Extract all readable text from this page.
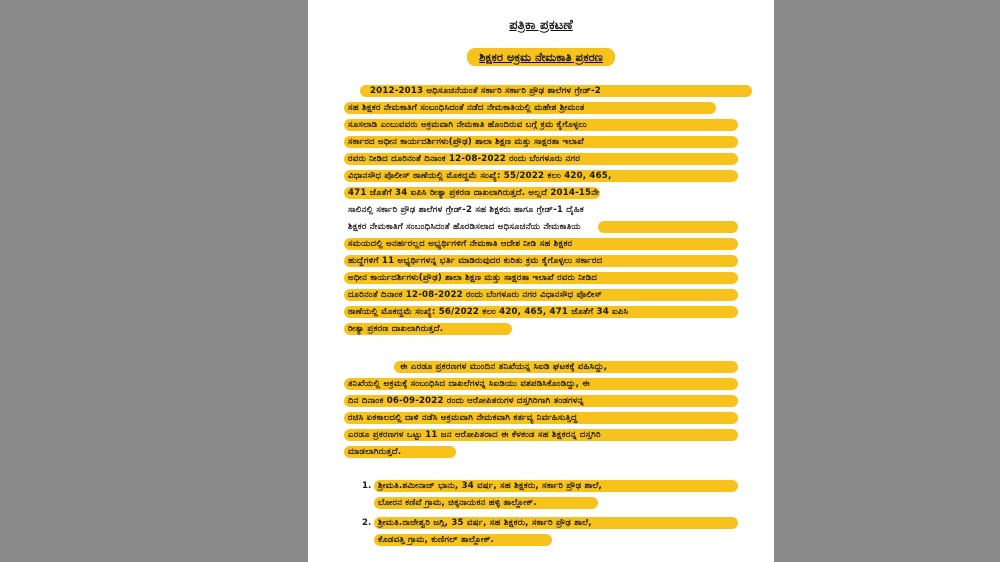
ಪತ್ರಿಕಾ ಪ್ರಕಟಣೆ
ಶಿಕ್ಷಕರ ಅಕ್ರಮ ನೇಮಕಾತಿ ಪ್ರಕರಣ
2012-2013 ಅಧಿಸೂಚನೆಯಂತೆ ಸರ್ಕಾರಿ ಸರ್ಕಾರಿ ಪ್ರೌಢ ಶಾಲೆಗಳ ಗ್ರೇಡ್-2
ಸಹ ಶಿಕ್ಷಕರ ನೇಮಕಾತಿಗೆ ಸಂಬಂಧಿಸಿದಂತೆ ನಡೆದ ನೇಮಕಾತಿಯಲ್ಲಿ ಮಹೇಶ ಶ್ರೀಮಂತ
ಸೂಸಲಾಡಿ ಎಂಬುವವರು ಅಕ್ರಮವಾಗಿ ನೇಮಕಾತಿ ಹೊಂದಿರುವ ಬಗ್ಗೆ ಕ್ರಮ ಕೈಗೊಳ್ಳಲು
ಸರ್ಕಾರದ ಅಧೀನ ಕಾರ್ಯದರ್ಶಿಗಳು(ಪ್ರೌಢ) ಶಾಲಾ ಶಿಕ್ಷಣ ಮತ್ತು ಸಾಕ್ಷರತಾ ಇಲಾಖೆ
ರವರು ನೀಡಿದ ದೂರಿನಂತೆ ದಿನಾಂಕ 12-08-2022 ರಂದು ಬೆಂಗಳೂರು ನಗರ
ವಿಧಾನಸೌಧ ಪೊಲೀಸ್ ಠಾಣೆಯಲ್ಲಿ ಮೊಕದ್ದಮೆ ಸಂಖ್ಯೆ: 55/2022 ಕಲಂ 420, 465,
471 ಜೊತೆಗೆ 34 ಐಪಿಸಿ ರೀತ್ಯಾ ಪ್ರಕರಣ ದಾಖಲಾಗಿರುತ್ತದೆ. ಅಲ್ಲದೆ 2014-15ನೇ
ಸಾಲಿನಲ್ಲಿ ಸರ್ಕಾರಿ ಪ್ರೌಢ ಶಾಲೆಗಳ ಗ್ರೇಡ್-2 ಸಹ ಶಿಕ್ಷಕರು ಹಾಗೂ ಗ್ರೇಡ್-1 ದೈಹಿಕ
ಶಿಕ್ಷಕರ ನೇಮಕಾತಿಗೆ ಸಂಬಂಧಿಸಿದಂತೆ ಹೊರಡಿಸಲಾದ ಅಧಿಸೂಚನೆಯ ನೇಮಕಾತಿಯ
ಸಮಯದಲ್ಲಿ ಅನರ್ಹರಲ್ಲದ ಅಭ್ಯರ್ಥಿಗಳಿಗೆ ನೇಮಕಾತಿ ಆದೇಶ ನೀಡಿ ಸಹ ಶಿಕ್ಷಕರ
ಹುದ್ದೆಗಳಿಗೆ 11 ಅಭ್ಯರ್ಥಿಗಳನ್ನ ಭರ್ತಿ ಮಾಡಿರುವುದರ ಕುರಿತು ಕ್ರಮ ಕೈಗೊಳ್ಳಲು ಸರ್ಕಾರದ
ಅಧೀನ ಕಾರ್ಯದರ್ಶಿಗಳು(ಪ್ರೌಢ) ಶಾಲಾ ಶಿಕ್ಷಣ ಮತ್ತು ಸಾಕ್ಷರತಾ ಇಲಾಖೆ ರವರು ನೀಡಿದ
ದೂರಿನಂತೆ ದಿನಾಂಕ 12-08-2022 ರಂದು ಬೆಂಗಳೂರು ನಗರ ವಿಧಾನಸೌಧ ಪೊಲೀಸ್
ಠಾಣೆಯಲ್ಲಿ ಮೊಕದ್ದಮೆ ಸಂಖ್ಯೆ: 56/2022 ಕಲಂ 420, 465, 471 ಜೊತೆಗೆ 34 ಐಪಿಸಿ
ರೀತ್ಯಾ ಪ್ರಕರಣ ದಾಖಲಾಗಿರುತ್ತದೆ.
ಈ ಎರಡೂ ಪ್ರಕರಣಗಳ ಮುಂದಿನ ತನಿಖೆಯನ್ನ ಸಿಐಡಿ ಘಟಕಕ್ಕೆ ವಹಿಸಿದ್ದು,
ತನಿಖೆಯಲ್ಲಿ ಅಕ್ರಮಕ್ಕೆ ಸಂಬಂಧಿಸಿದ ದಾಖಲೆಗಳನ್ನ ಸಿಐಡಿಯು ವಶಪಡಿಸಿಕೊಂಡಿದ್ದು, ಈ
ದಿನ ದಿನಾಂಕ 06-09-2022 ರಂದು ಆರೋಪಿತರುಗಳ ದಸ್ತಗಿರಿಗಾಗಿ ತಂಡಗಳನ್ನ
ರಚಿಸಿ ಏಕಕಾಲದಲ್ಲಿ ದಾಳಿ ನಡೆಸಿ ಅಕ್ರಮವಾಗಿ ನೇಮಕವಾಗಿ ಕರ್ತವ್ಯ ನಿರ್ವಹಿಸುತ್ತಿದ್ದ
ಎರಡೂ ಪ್ರಕರಣಗಳ ಒಟ್ಟು 11 ಜನ ಆರೋಪಿತರಾದ ಈ ಕೆಳಕಂಡ ಸಹ ಶಿಕ್ಷಕರನ್ನ ದಸ್ತಗಿರಿ
ಮಾಡಲಾಗಿರುತ್ತದೆ.
1. ಶ್ರೀಮತಿ.ಶಮೀನಾಜ್ ಭಾನು, 34 ವರ್ಷ, ಸಹ ಶಿಕ್ಷಕರು, ಸರ್ಕಾರಿ ಪ್ರೌಢ ಶಾಲೆ,
ಬೋರನ ಕಣಿವೆ ಗ್ರಾಮ, ಚಿಕ್ಕನಾಯಕನ ಹಳ್ಳಿ ತಾಲ್ಲೋಕ್.
2. ಶ್ರೀಮತಿ.ರಾಜೇಶ್ವರಿ ಜಗ್ಗಿ, 35 ವರ್ಷ, ಸಹ ಶಿಕ್ಷಕರು, ಸರ್ಕಾರಿ ಪ್ರೌಢ ಶಾಲೆ,
ಕೊಡವತ್ತಿ ಗ್ರಾಮ, ಕುಣಿಗಲ್ ತಾಲ್ಲೋಕ್.
